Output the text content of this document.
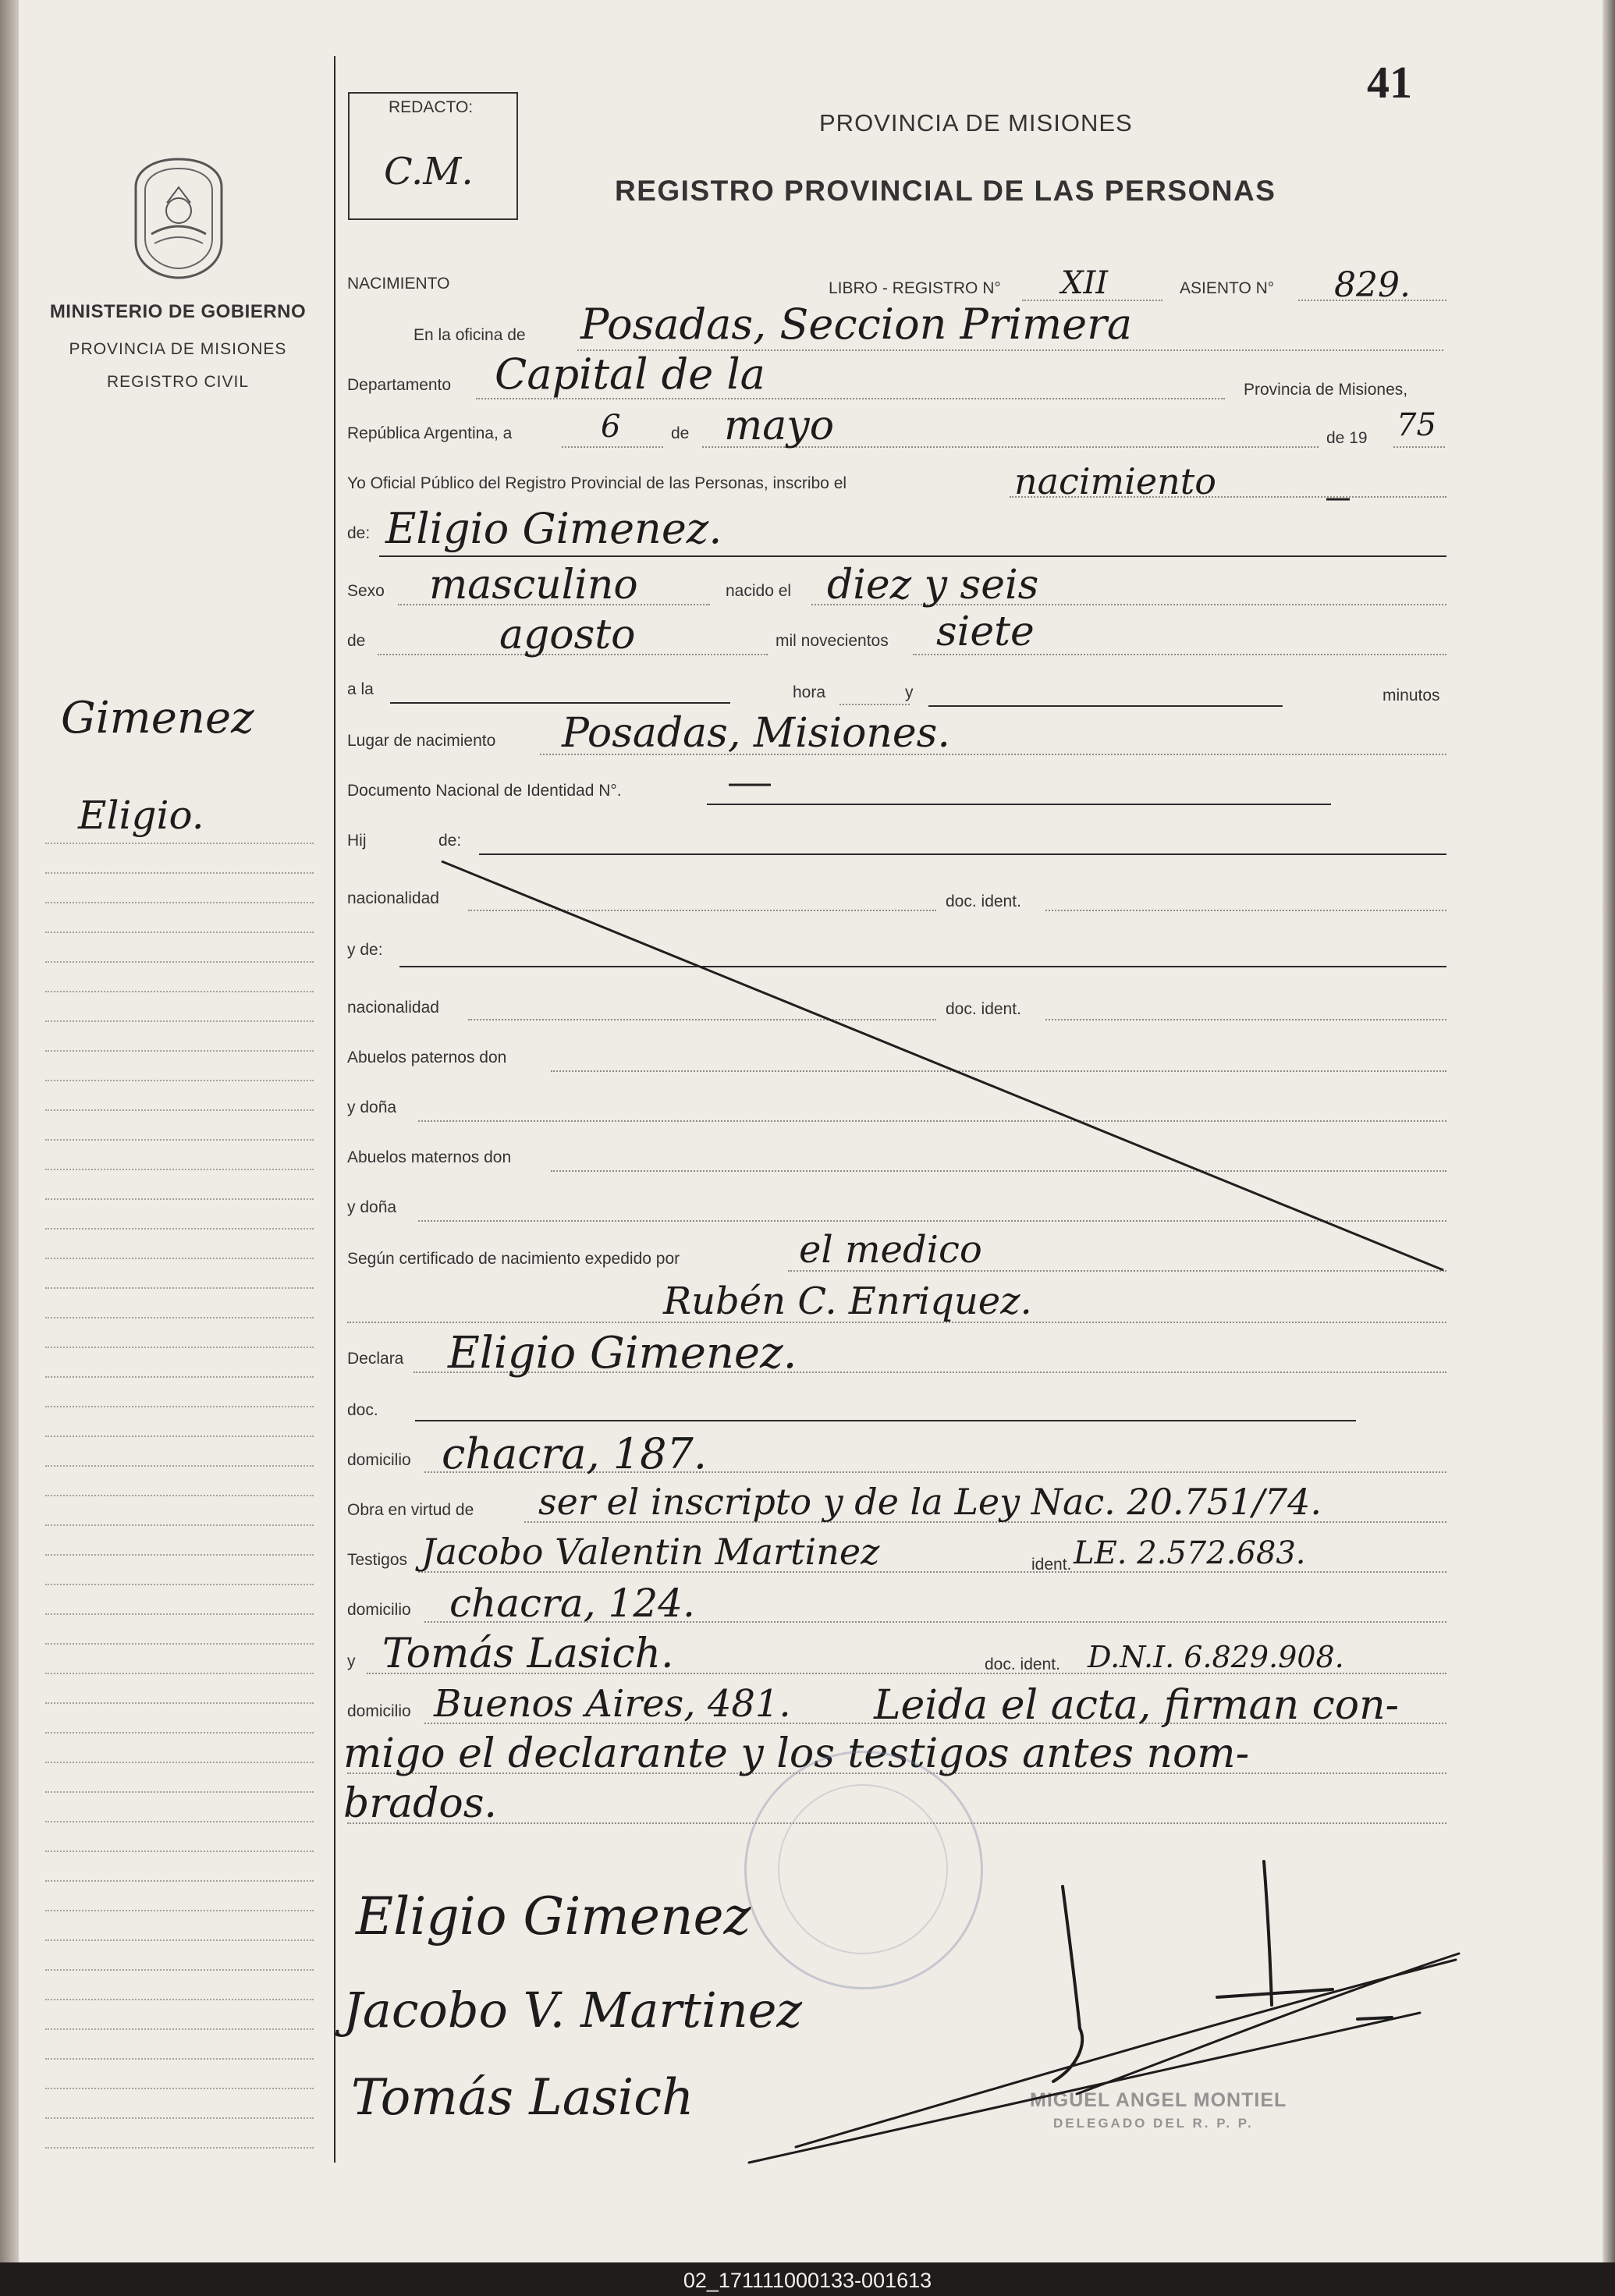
41
REDACTO:
C.M.
PROVINCIA DE MISIONES
REGISTRO PROVINCIAL DE LAS PERSONAS
MINISTERIO DE GOBIERNO
PROVINCIA DE MISIONES
REGISTRO CIVIL
Gimenez
Eligio.
NACIMIENTO	LIBRO - REGISTRO N° XII	ASIENTO N° 829.
En la oficina de Posadas, Seccion Primera
Departamento Capital de la	Provincia de Misiones,
República Argentina, a	6	de mayo	de 19 75
Yo Oficial Público del Registro Provincial de las Personas, inscribo el	nacimiento
de: Eligio Gimenez.
Sexo masculino	nacido el diez y seis
de	agosto	mil novecientos siete
a la	hora	y	minutos
Lugar de nacimiento Posadas, Misiones.
Documento Nacional de Identidad N°.
Hij	de:
nacionalidad	doc. ident.
y de:
nacionalidad	doc. ident.
Abuelos paternos don
y doña
Abuelos maternos don
y doña
Según certificado de nacimiento expedido por	el medico
Rubén C. Enriquez.
Declara Eligio Gimenez.
doc.
domicilio chacra, 187.
Obra en virtud de ser el inscripto y de la Ley Nac. 20.751/74.
Testigos Jacobo Valentin Martinez	ident. LE. 2.572.683.
domicilio chacra, 124.
y Tomás Lasich.	doc. ident. D.N.I. 6.829.908.
domicilio Buenos Aires, 481. Leida el acta, firman con-
migo el declarante y los testigos antes nom-
brados.
MIGUEL ANGEL MONTIEL
DELEGADO DEL R. P. P.
Eligio Gimenez
Jacobo V. Martinez
Tomás Lasich
02_171111000133-001613
